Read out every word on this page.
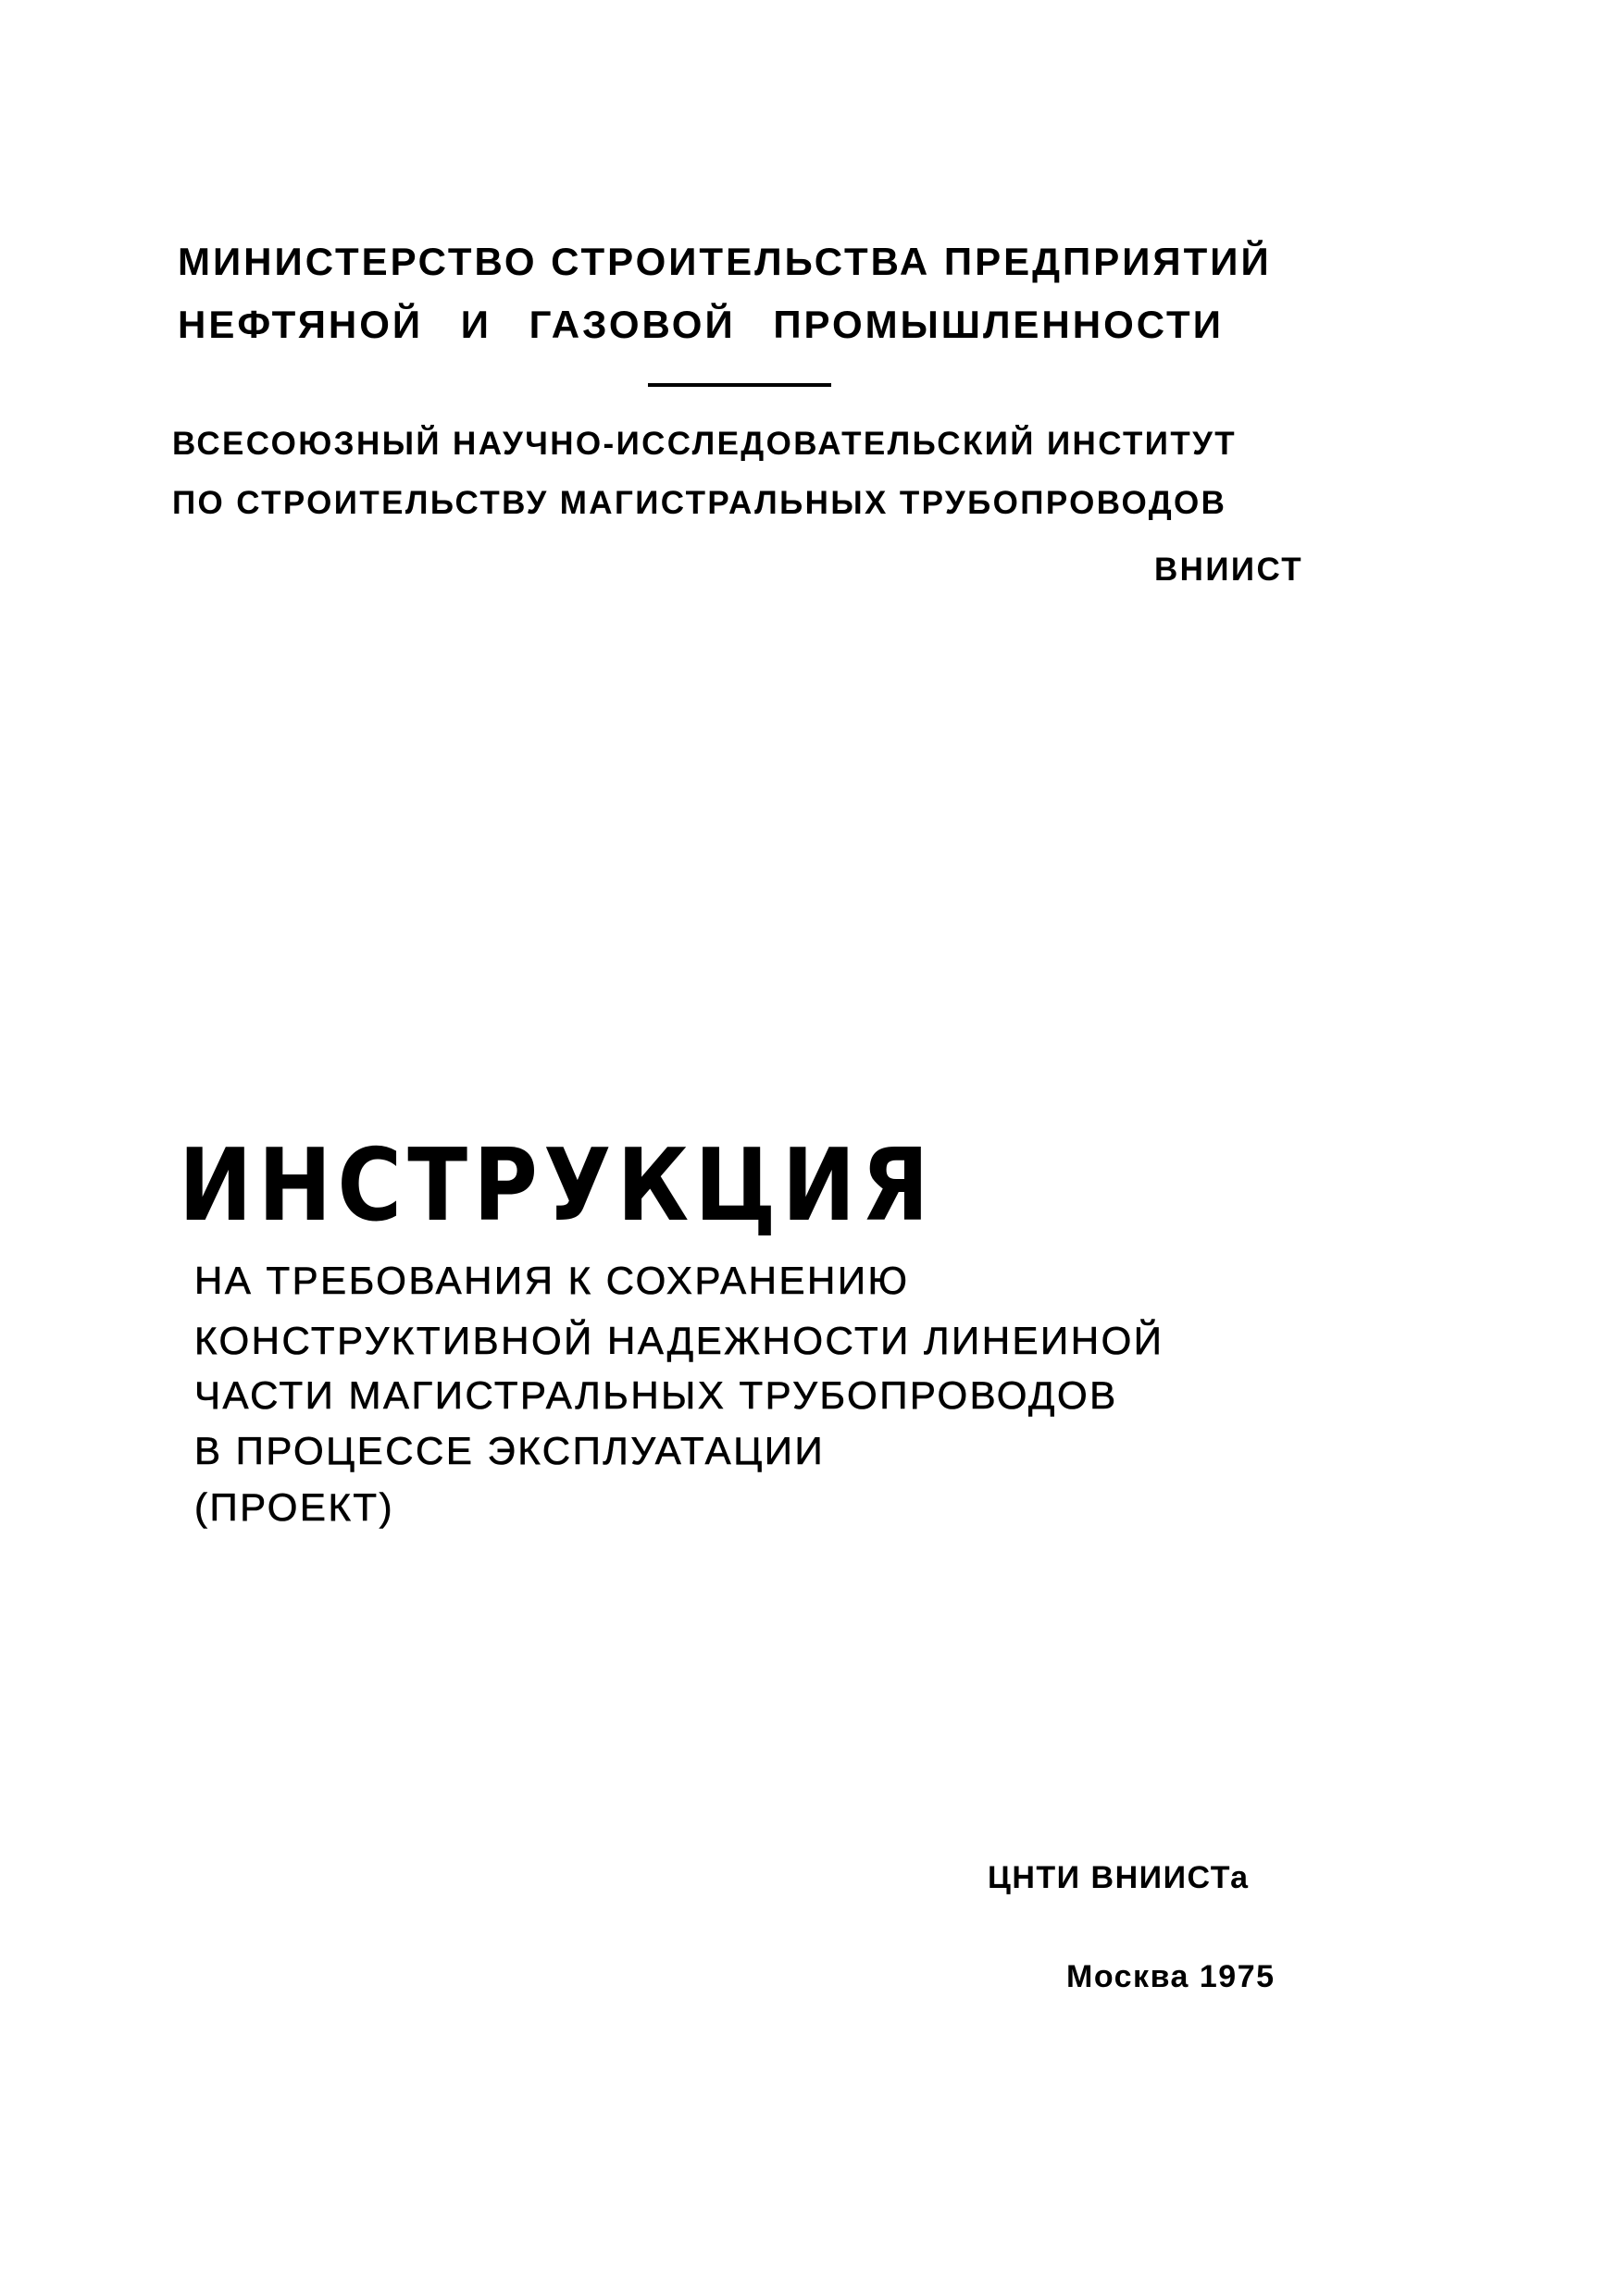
МИНИСТЕРСТВО СТРОИТЕЛЬСТВА ПРЕДПРИЯТИЙ
НЕФТЯНОЙ И ГАЗОВОЙ ПРОМЫШЛЕННОСТИ
ВСЕСОЮЗНЫЙ НАУЧНО-ИССЛЕДОВАТЕЛЬСКИЙ ИНСТИТУТ
ПО СТРОИТЕЛЬСТВУ МАГИСТРАЛЬНЫХ ТРУБОПРОВОДОВ
ВНИИСТ
ИНСТРУКЦИЯ
НА ТРЕБОВАНИЯ К СОХРАНЕНИЮ
КОНСТРУКТИВНОЙ НАДЕЖНОСТИ ЛИНЕИНОЙ
ЧАСТИ МАГИСТРАЛЬНЫХ ТРУБОПРОВОДОВ
В ПРОЦЕССЕ ЭКСПЛУАТАЦИИ
(ПРОЕКТ)
ЦНТИ ВНИИСТа
Москва 1975
